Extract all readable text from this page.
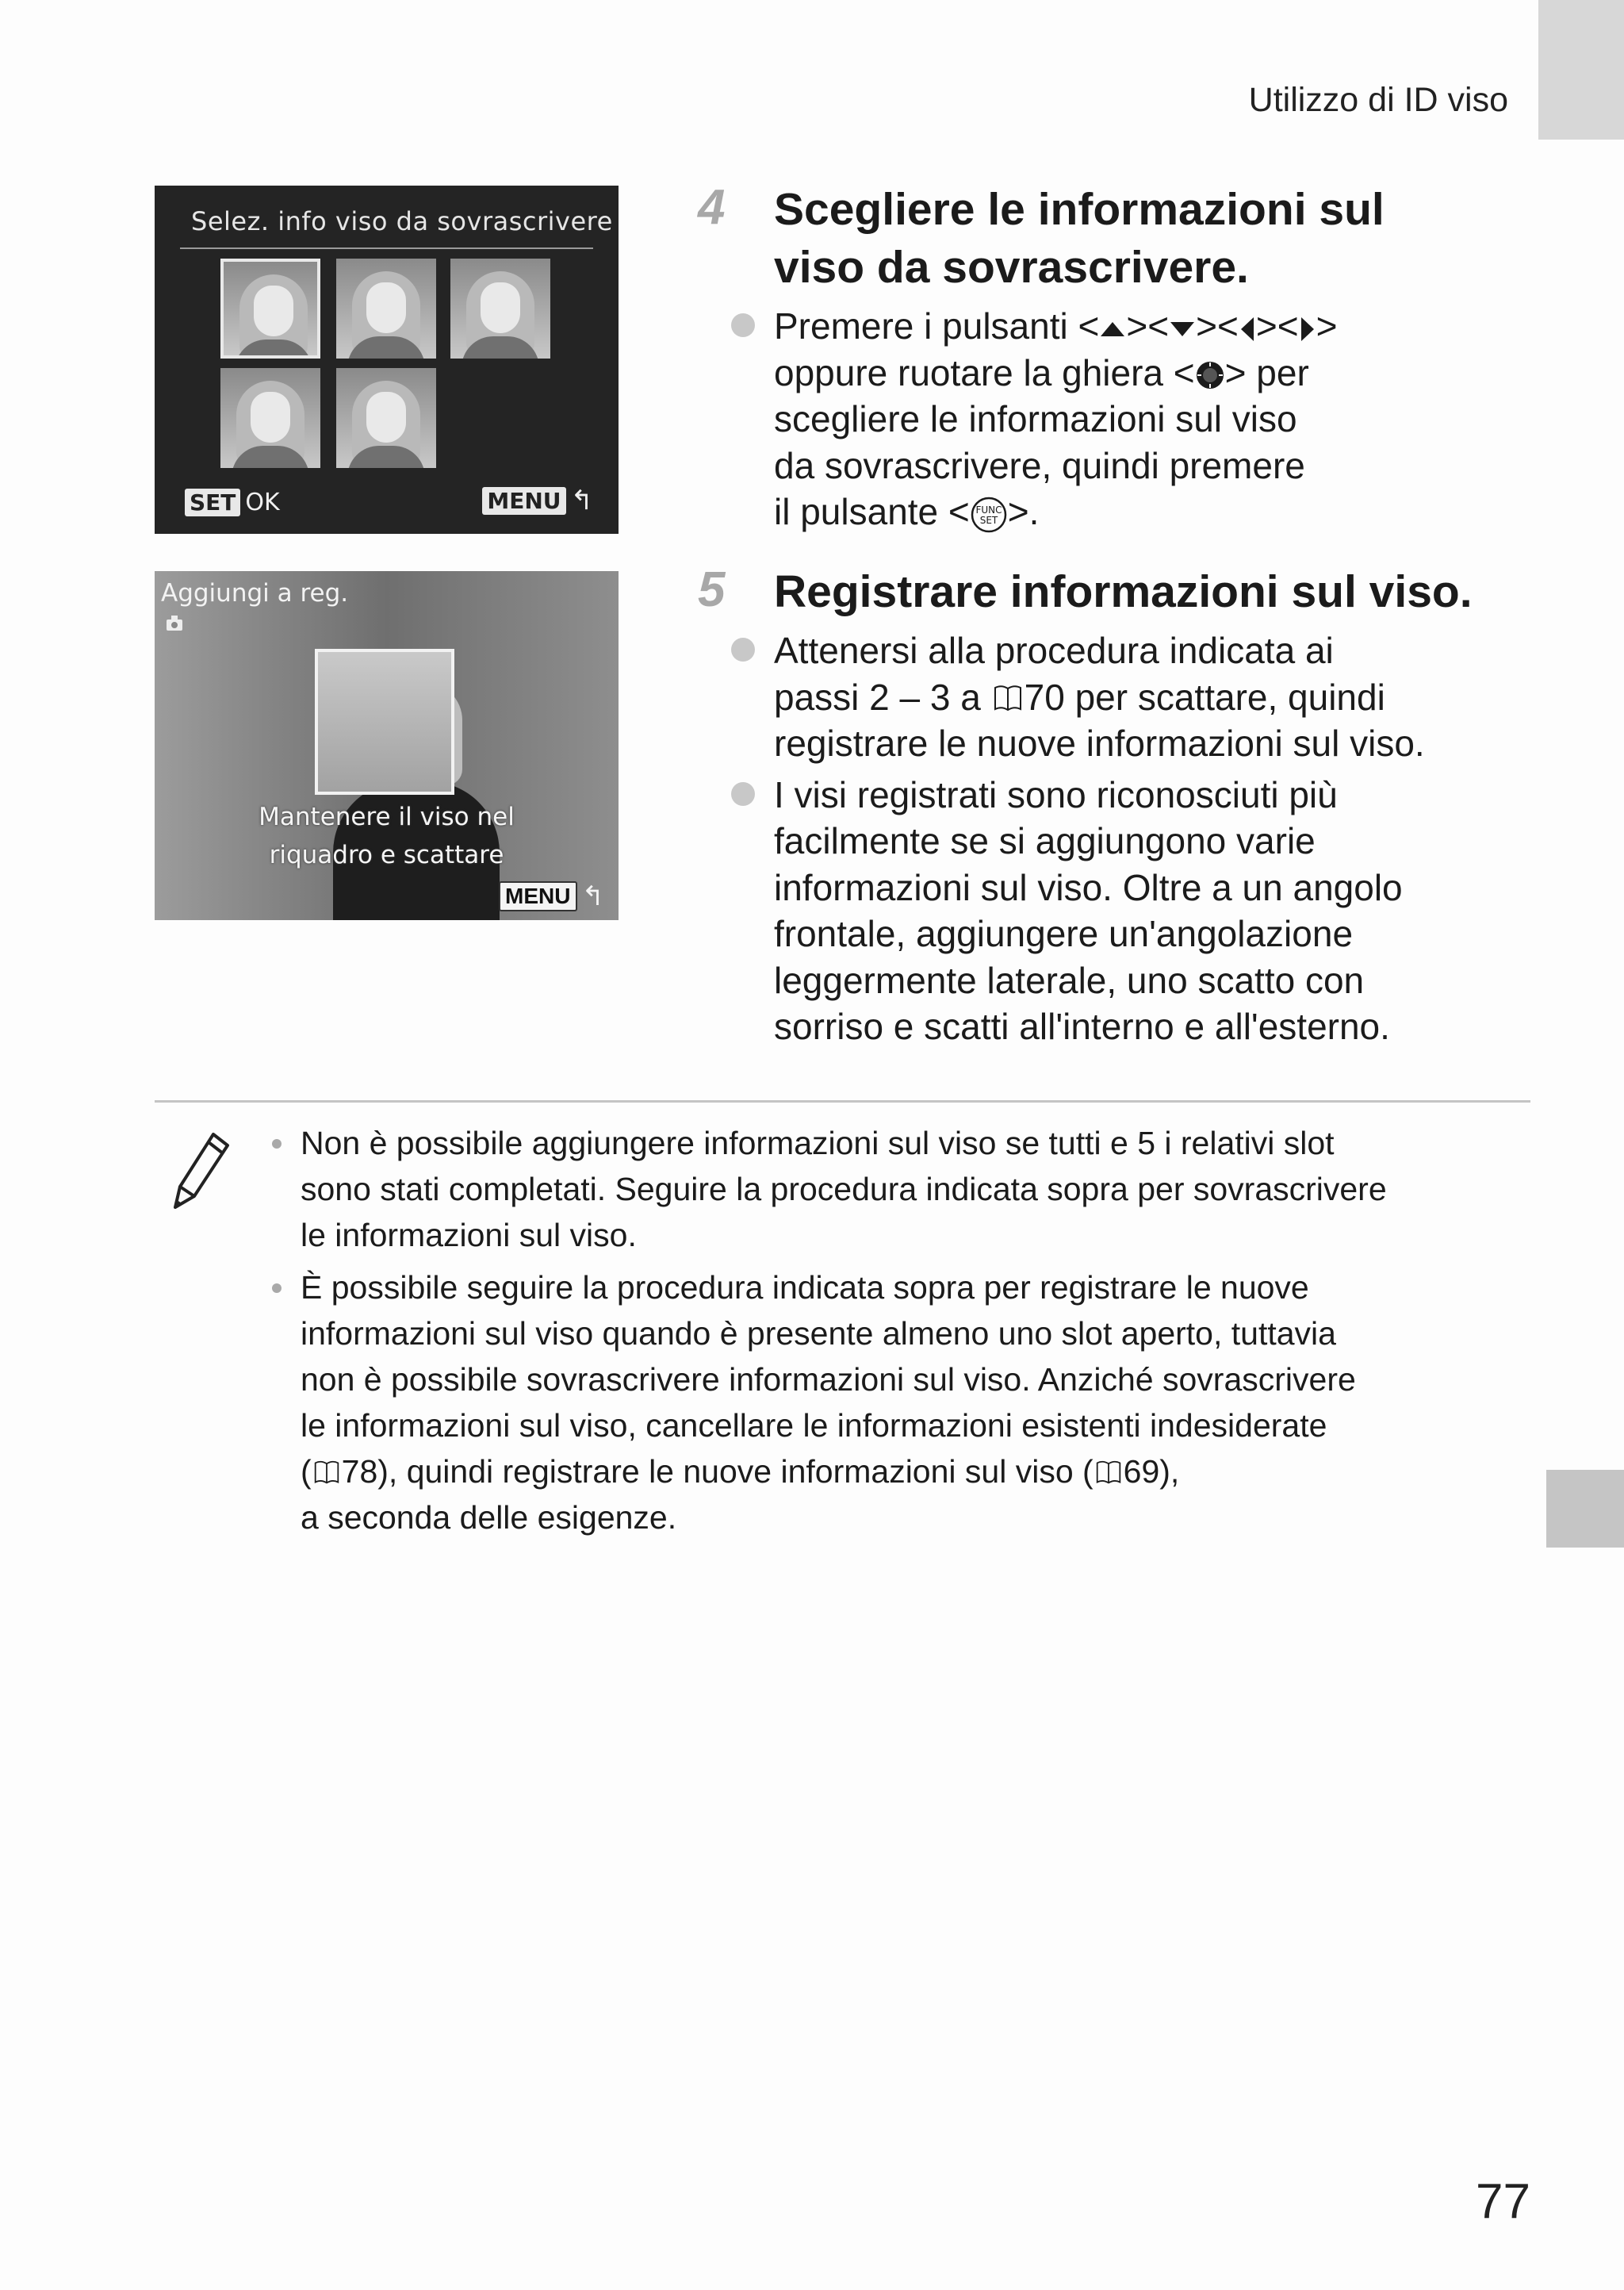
Utilizzo di ID viso
Selez. info viso da sovrascrivere
SET OK	MENU ↰
Aggiungi a reg.
Mantenere il viso nel
riquadro e scattare
MENU ↰
4 Scegliere le informazioni sul
viso da sovrascrivere.
Premere i pulsanti < >< >< >< >
oppure ruotare la ghiera < > per
scegliere le informazioni sul viso
da sovrascrivere, quindi premere
il pulsante < FUNC
SET >.
5 Registrare informazioni sul viso.
Attenersi alla procedura indicata ai
passi 2 – 3 a 70 per scattare, quindi
registrare le nuove informazioni sul viso.
I visi registrati sono riconosciuti più
facilmente se si aggiungono varie
informazioni sul viso. Oltre a un angolo
frontale, aggiungere un'angolazione
leggermente laterale, uno scatto con
sorriso e scatti all'interno e all'esterno.
Non è possibile aggiungere informazioni sul viso se tutti e 5 i relativi slot
sono stati completati. Seguire la procedura indicata sopra per sovrascrivere
le informazioni sul viso.
È possibile seguire la procedura indicata sopra per registrare le nuove
informazioni sul viso quando è presente almeno uno slot aperto, tuttavia
non è possibile sovrascrivere informazioni sul viso. Anziché sovrascrivere
le informazioni sul viso, cancellare le informazioni esistenti indesiderate
( 78), quindi registrare le nuove informazioni sul viso ( 69),
a seconda delle esigenze.
77
